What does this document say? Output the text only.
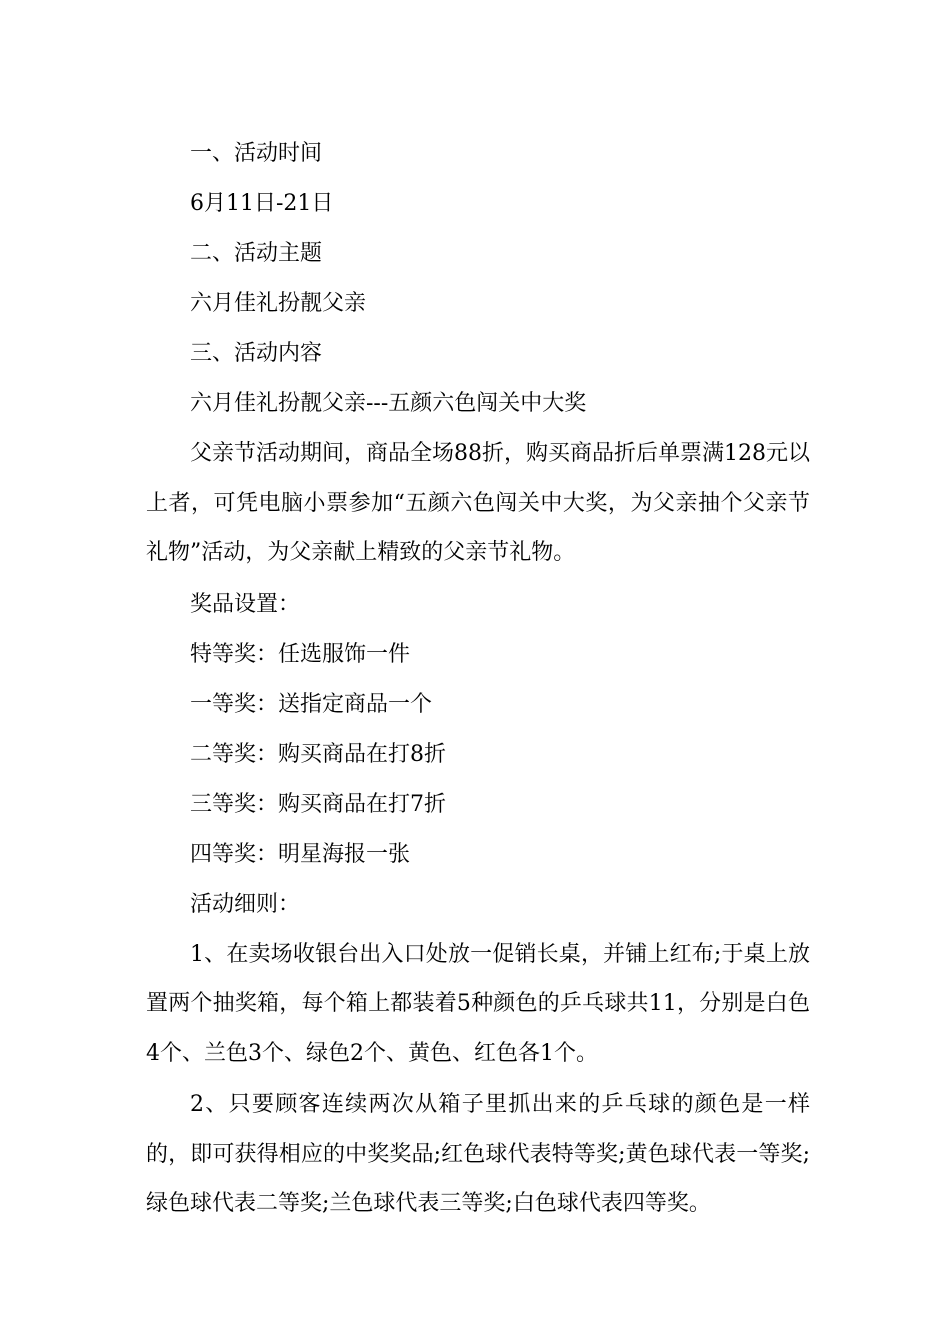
一、活动时间

6月11日-21日

二、活动主题

六月佳礼扮靓父亲

三、活动内容

六月佳礼扮靓父亲---五颜六色闯关中大奖

父亲节活动期间，商品全场88折，购买商品折后单票满128元以上者，可凭电脑小票参加“五颜六色闯关中大奖，为父亲抽个父亲节礼物”活动，为父亲献上精致的父亲节礼物。

奖品设置：

特等奖：任选服饰一件

一等奖：送指定商品一个

二等奖：购买商品在打8折

三等奖：购买商品在打7折

四等奖：明星海报一张

活动细则：

1、在卖场收银台出入口处放一促销长桌，并铺上红布;于桌上放置两个抽奖箱，每个箱上都装着5种颜色的乒乓球共11，分别是白色4个、兰色3个、绿色2个、黄色、红色各1个。

2、只要顾客连续两次从箱子里抓出来的乒乓球的颜色是一样的，即可获得相应的中奖奖品;红色球代表特等奖;黄色球代表一等奖;绿色球代表二等奖;兰色球代表三等奖;白色球代表四等奖。
